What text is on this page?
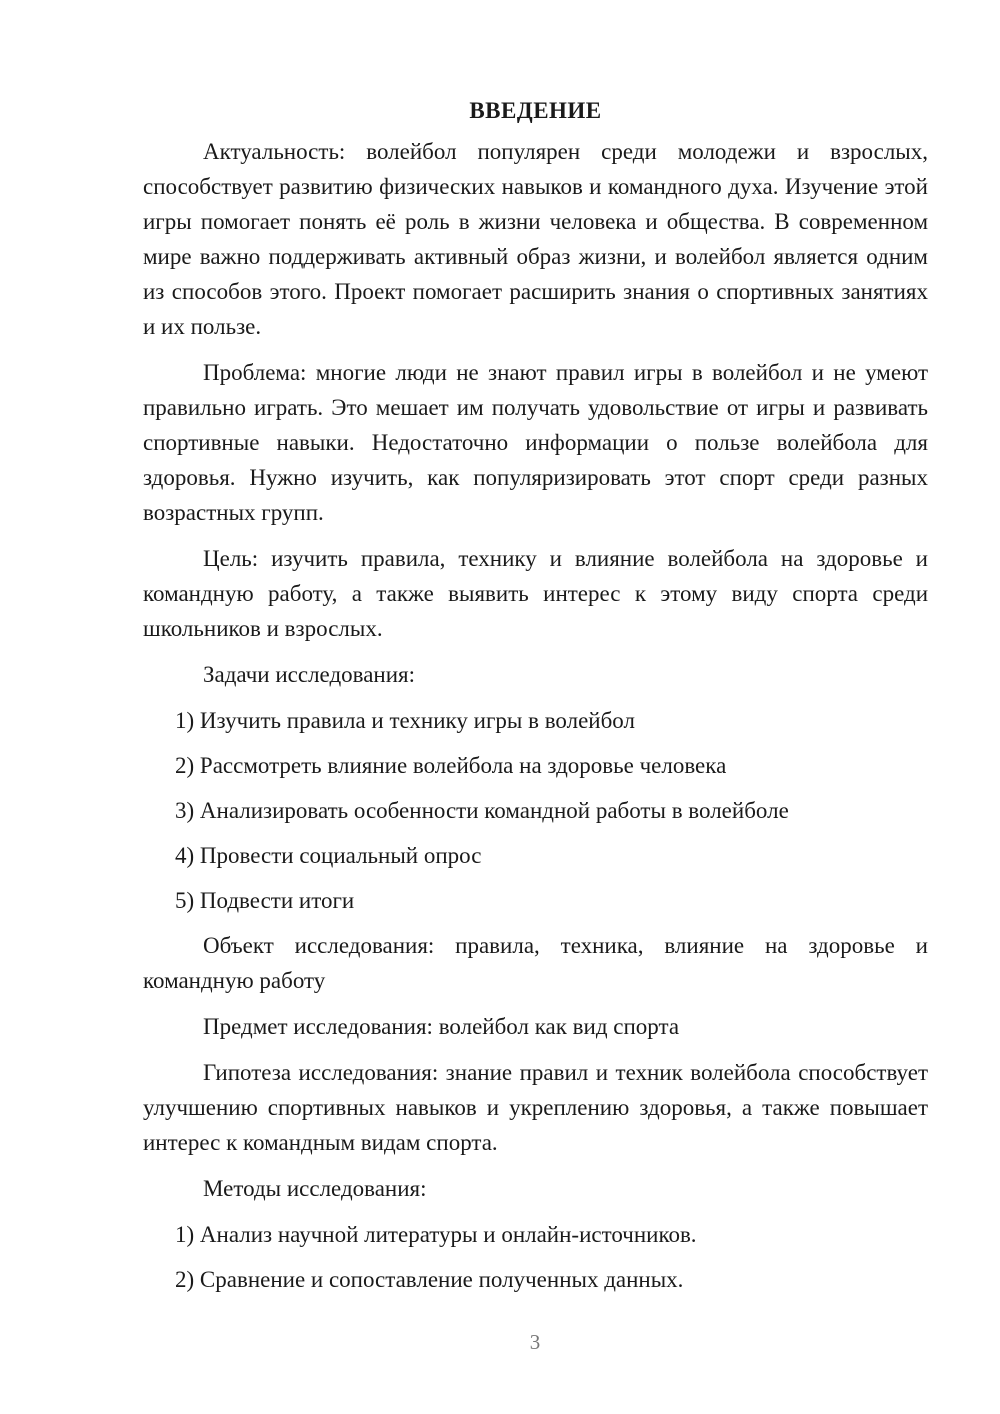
ВВЕДЕНИЕ

Актуальность: волейбол популярен среди молодежи и взрослых, способствует развитию физических навыков и командного духа. Изучение этой игры помогает понять её роль в жизни человека и общества. В современном мире важно поддерживать активный образ жизни, и волейбол является одним из способов этого. Проект помогает расширить знания о спортивных занятиях и их пользе.

Проблема: многие люди не знают правил игры в волейбол и не умеют правильно играть. Это мешает им получать удовольствие от игры и развивать спортивные навыки. Недостаточно информации о пользе волейбола для здоровья. Нужно изучить, как популяризировать этот спорт среди разных возрастных групп.

Цель: изучить правила, технику и влияние волейбола на здоровье и командную работу, а также выявить интерес к этому виду спорта среди школьников и взрослых.

Задачи исследования:

1) Изучить правила и технику игры в волейбол

2) Рассмотреть влияние волейбола на здоровье человека

3) Анализировать особенности командной работы в волейболе

4) Провести социальный опрос

5) Подвести итоги

Объект исследования: правила, техника, влияние на здоровье и командную работу

Предмет исследования: волейбол как вид спорта

Гипотеза исследования: знание правил и техник волейбола способствует улучшению спортивных навыков и укреплению здоровья, а также повышает интерес к командным видам спорта.

Методы исследования:

1) Анализ научной литературы и онлайн-источников.

2) Сравнение и сопоставление полученных данных.

3
